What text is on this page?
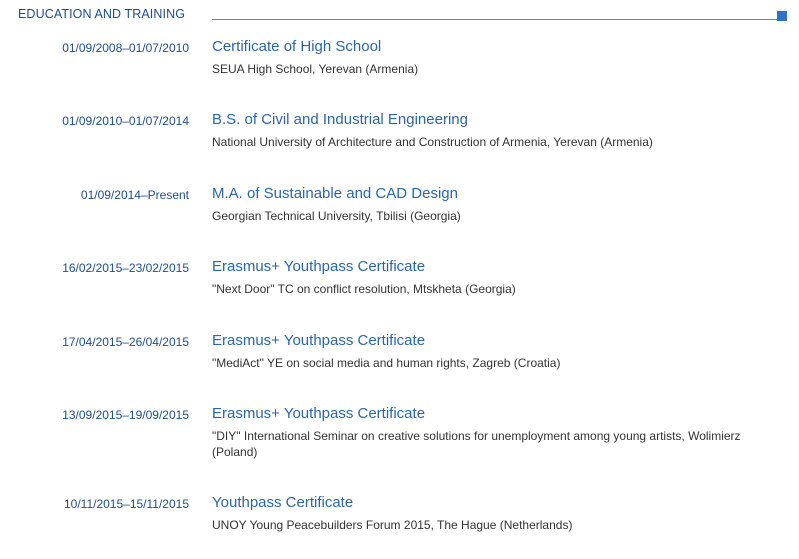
EDUCATION AND TRAINING
01/09/2008–01/07/2010 Certificate of High School
SEUA High School, Yerevan (Armenia)
01/09/2010–01/07/2014 B.S. of Civil and Industrial Engineering
National University of Architecture and Construction of Armenia, Yerevan (Armenia)
01/09/2014–Present M.A. of Sustainable and CAD Design
Georgian Technical University, Tbilisi (Georgia)
16/02/2015–23/02/2015 Erasmus+ Youthpass Certificate
"Next Door" TC on conflict resolution, Mtskheta (Georgia)
17/04/2015–26/04/2015 Erasmus+ Youthpass Certificate
"MediAct" YE on social media and human rights, Zagreb (Croatia)
13/09/2015–19/09/2015 Erasmus+ Youthpass Certificate
"DIY" International Seminar on creative solutions for unemployment among young artists, Wolimierz (Poland)
10/11/2015–15/11/2015 Youthpass Certificate
UNOY Young Peacebuilders Forum 2015, The Hague (Netherlands)
